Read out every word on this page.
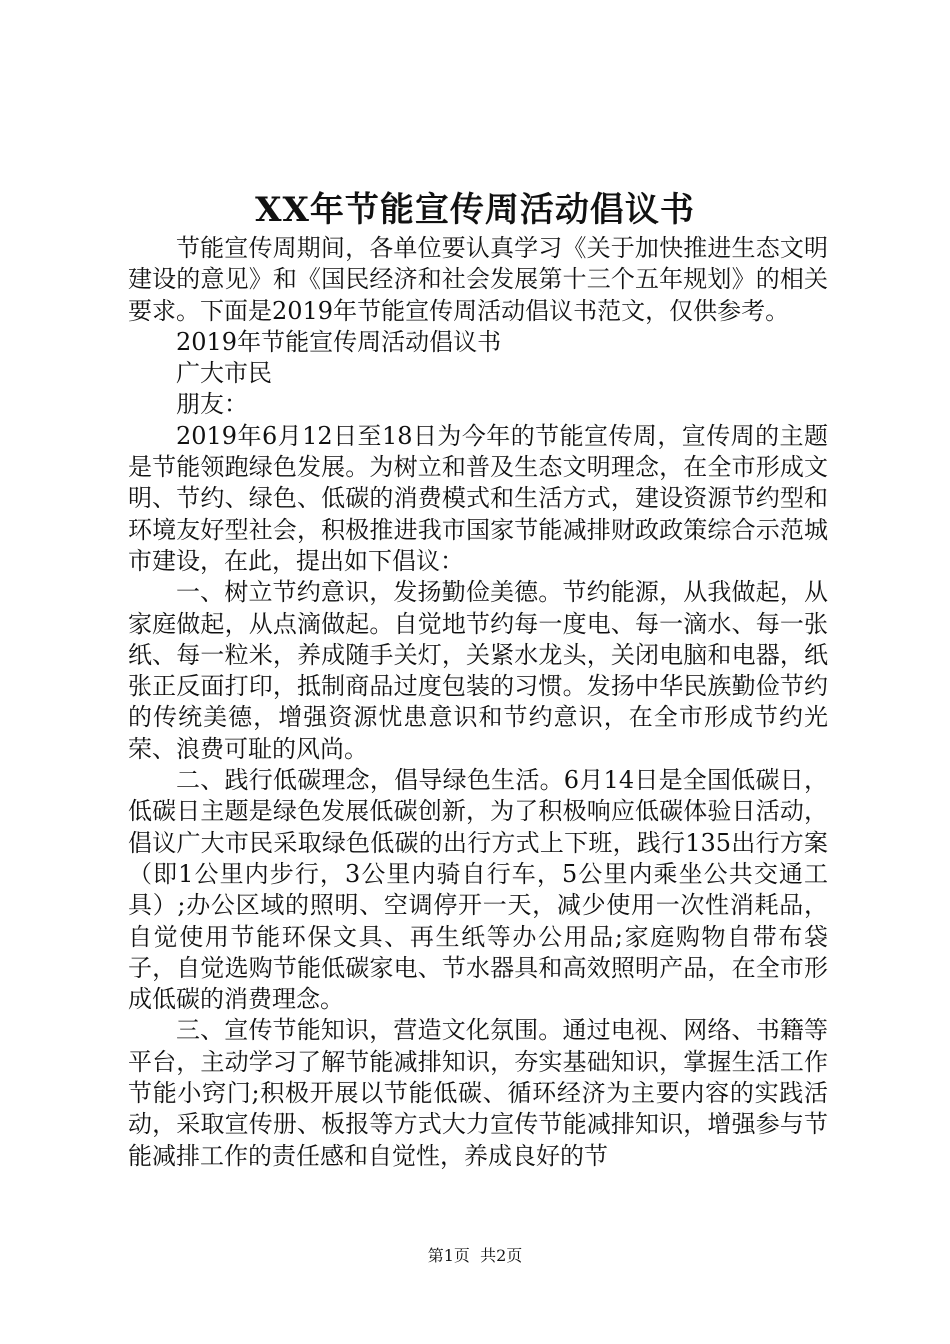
XX年节能宣传周活动倡议书

节能宣传周期间，各单位要认真学习《关于加快推进生态文明建设的意见》和《国民经济和社会发展第十三个五年规划》的相关要求。下面是2019年节能宣传周活动倡议书范文，仅供参考。

2019年节能宣传周活动倡议书

广大市民

朋友：

2019年6月12日至18日为今年的节能宣传周，宣传周的主题是节能领跑绿色发展。为树立和普及生态文明理念，在全市形成文明、节约、绿色、低碳的消费模式和生活方式，建设资源节约型和环境友好型社会，积极推进我市国家节能减排财政政策综合示范城市建设，在此，提出如下倡议：

一、树立节约意识，发扬勤俭美德。节约能源，从我做起，从家庭做起，从点滴做起。自觉地节约每一度电、每一滴水、每一张纸、每一粒米，养成随手关灯，关紧水龙头，关闭电脑和电器，纸张正反面打印，抵制商品过度包装的习惯。发扬中华民族勤俭节约的传统美德，增强资源忧患意识和节约意识，在全市形成节约光荣、浪费可耻的风尚。

二、践行低碳理念，倡导绿色生活。6月14日是全国低碳日，低碳日主题是绿色发展低碳创新，为了积极响应低碳体验日活动，倡议广大市民采取绿色低碳的出行方式上下班，践行135出行方案（即1公里内步行，3公里内骑自行车，5公里内乘坐公共交通工具）;办公区域的照明、空调停开一天，减少使用一次性消耗品，自觉使用节能环保文具、再生纸等办公用品;家庭购物自带布袋子，自觉选购节能低碳家电、节水器具和高效照明产品，在全市形成低碳的消费理念。

三、宣传节能知识，营造文化氛围。通过电视、网络、书籍等平台，主动学习了解节能减排知识，夯实基础知识，掌握生活工作节能小窍门;积极开展以节能低碳、循环经济为主要内容的实践活动，采取宣传册、板报等方式大力宣传节能减排知识，增强参与节能减排工作的责任感和自觉性，养成良好的节

第1页 共2页
